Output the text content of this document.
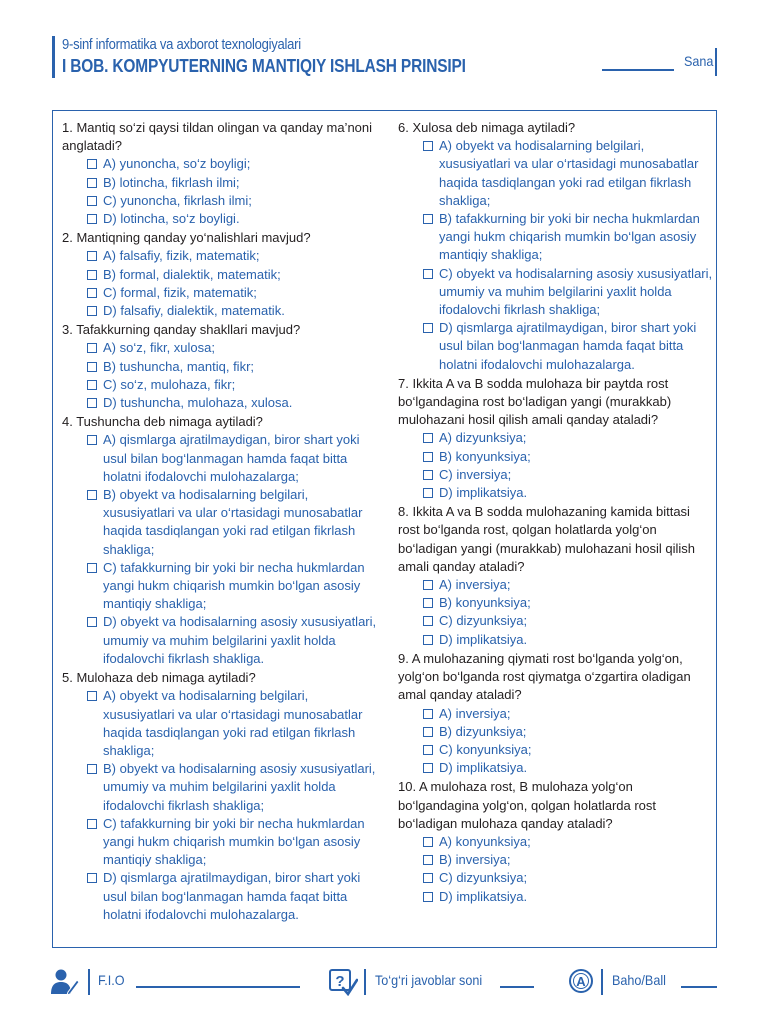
9-sinf informatika va axborot texnologiyalari
I BOB. KOMPYUTERNING MANTIQIY ISHLASH PRINSIPI	Sana
1. Mantiq so‘zi qaysi tildan olingan va qanday ma’noni anglatadi?
A) yunoncha, so‘z boyligi;
B) lotincha, fikrlash ilmi;
C) yunoncha, fikrlash ilmi;
D) lotincha, so‘z boyligi.
2. Mantiqning qanday yo‘nalishlari mavjud?
A) falsafiy, fizik, matematik;
B) formal, dialektik, matematik;
C) formal, fizik, matematik;
D) falsafiy, dialektik, matematik.
3. Tafakkurning qanday shakllari mavjud?
A) so‘z, fikr, xulosa;
B) tushuncha, mantiq, fikr;
C) so‘z, mulohaza, fikr;
D) tushuncha, mulohaza, xulosa.
4. Tushuncha deb nimaga aytiladi?
A) qismlarga ajratilmaydigan, biror shart yoki usul bilan bog‘lanmagan hamda faqat bitta holatni ifodalovchi mulohazalarga;
B) obyekt va hodisalarning belgilari, xususiyatlari va ular o‘rtasidagi munosabatlar haqida tasdiqlangan yoki rad etilgan fikrlash shakliga;
C) tafakkurning bir yoki bir necha hukmlardan yangi hukm chiqarish mumkin bo‘lgan asosiy mantiqiy shakliga;
D) obyekt va hodisalarning asosiy xususiyatlari, umumiy va muhim belgilarini yaxlit holda ifodalovchi fikrlash shakliga.
5. Mulohaza deb nimaga aytiladi?
A) obyekt va hodisalarning belgilari, xususiyatlari va ular o‘rtasidagi munosabatlar haqida tasdiqlangan yoki rad etilgan fikrlash shakliga;
B) obyekt va hodisalarning asosiy xususiyatlari, umumiy va muhim belgilarini yaxlit holda ifodalovchi fikrlash shakliga;
C) tafakkurning bir yoki bir necha hukmlardan yangi hukm chiqarish mumkin bo‘lgan asosiy mantiqiy shakliga;
D) qismlarga ajratilmaydigan, biror shart yoki usul bilan bog‘lanmagan hamda faqat bitta holatni ifodalovchi mulohazalarga.
6. Xulosa deb nimaga aytiladi?
A) obyekt va hodisalarning belgilari, xususiyatlari va ular o‘rtasidagi munosabatlar haqida tasdiqlangan yoki rad etilgan fikrlash shakliga;
B) tafakkurning bir yoki bir necha hukmlardan yangi hukm chiqarish mumkin bo‘lgan asosiy mantiqiy shakliga;
C) obyekt va hodisalarning asosiy xususiyatlari, umumiy va muhim belgilarini yaxlit holda ifodalovchi fikrlash shakliga;
D) qismlarga ajratilmaydigan, biror shart yoki usul bilan bog‘lanmagan hamda faqat bitta holatni ifodalovchi mulohazalarga.
7. Ikkita A va B sodda mulohaza bir paytda rost bo‘lgandagina rost bo‘ladigan yangi (murakkab) mulohazani hosil qilish amali qanday ataladi?
A) dizyunksiya;
B) konyunksiya;
C) inversiya;
D) implikatsiya.
8. Ikkita A va B sodda mulohazaning kamida bittasi rost bo‘lganda rost, qolgan holatlarda yolg‘on bo‘ladigan yangi (murakkab) mulohazani hosil qilish amali qanday ataladi?
A) inversiya;
B) konyunksiya;
C) dizyunksiya;
D) implikatsiya.
9. A mulohazaning qiymati rost bo‘lganda yolg‘on, yolg‘on bo‘lganda rost qiymatga o‘zgartira oladigan amal qanday ataladi?
A) inversiya;
B) dizyunksiya;
C) konyunksiya;
D) implikatsiya.
10. A mulohaza rost, B mulohaza yolg‘on bo‘lgandagina yolg‘on, qolgan holatlarda rost bo‘ladigan mulohaza qanday ataladi?
A) konyunksiya;
B) inversiya;
C) dizyunksiya;
D) implikatsiya.
F.I.O	? To‘g‘ri javoblar soni	A Baho/Ball
